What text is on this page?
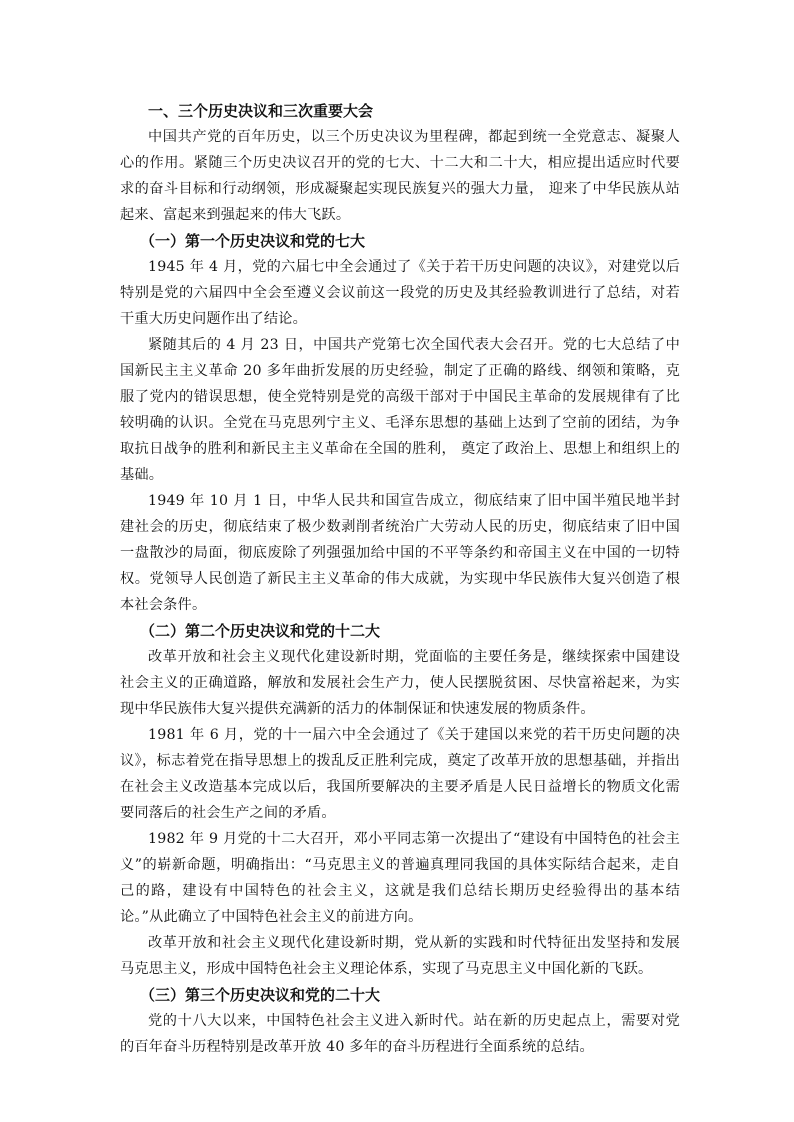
一、三个历史决议和三次重要大会

中国共产党的百年历史，以三个历史决议为里程碑，都起到统一全党意志、凝聚人心的作用。紧随三个历史决议召开的党的七大、十二大和二十大，相应提出适应时代要求的奋斗目标和行动纲领，形成凝聚起实现民族复兴的强大力量， 迎来了中华民族从站起来、富起来到强起来的伟大飞跃。

（一）第一个历史决议和党的七大

1945 年 4 月，党的六届七中全会通过了《关于若干历史问题的决议》，对建党以后特别是党的六届四中全会至遵义会议前这一段党的历史及其经验教训进行了总结，对若干重大历史问题作出了结论。

紧随其后的 4 月 23 日，中国共产党第七次全国代表大会召开。党的七大总结了中国新民主主义革命 20 多年曲折发展的历史经验，制定了正确的路线、纲领和策略，克服了党内的错误思想，使全党特别是党的高级干部对于中国民主革命的发展规律有了比较明确的认识。全党在马克思列宁主义、毛泽东思想的基础上达到了空前的团结，为争取抗日战争的胜利和新民主主义革命在全国的胜利， 奠定了政治上、思想上和组织上的基础。

1949 年 10 月 1 日，中华人民共和国宣告成立，彻底结束了旧中国半殖民地半封建社会的历史，彻底结束了极少数剥削者统治广大劳动人民的历史，彻底结束了旧中国一盘散沙的局面，彻底废除了列强强加给中国的不平等条约和帝国主义在中国的一切特权。党领导人民创造了新民主主义革命的伟大成就，为实现中华民族伟大复兴创造了根本社会条件。

（二）第二个历史决议和党的十二大

改革开放和社会主义现代化建设新时期，党面临的主要任务是，继续探索中国建设社会主义的正确道路，解放和发展社会生产力，使人民摆脱贫困、尽快富裕起来，为实现中华民族伟大复兴提供充满新的活力的体制保证和快速发展的物质条件。

1981 年 6 月，党的十一届六中全会通过了《关于建国以来党的若干历史问题的决议》，标志着党在指导思想上的拨乱反正胜利完成，奠定了改革开放的思想基础，并指出在社会主义改造基本完成以后，我国所要解决的主要矛盾是人民日益增长的物质文化需要同落后的社会生产之间的矛盾。

1982 年 9 月党的十二大召开，邓小平同志第一次提出了“建设有中国特色的社会主义”的崭新命题，明确指出：“马克思主义的普遍真理同我国的具体实际结合起来，走自己的路，建设有中国特色的社会主义，这就是我们总结长期历史经验得出的基本结论。”从此确立了中国特色社会主义的前进方向。

改革开放和社会主义现代化建设新时期，党从新的实践和时代特征出发坚持和发展马克思主义，形成中国特色社会主义理论体系，实现了马克思主义中国化新的飞跃。

（三）第三个历史决议和党的二十大

党的十八大以来，中国特色社会主义进入新时代。站在新的历史起点上，需要对党的百年奋斗历程特别是改革开放 40 多年的奋斗历程进行全面系统的总结。
